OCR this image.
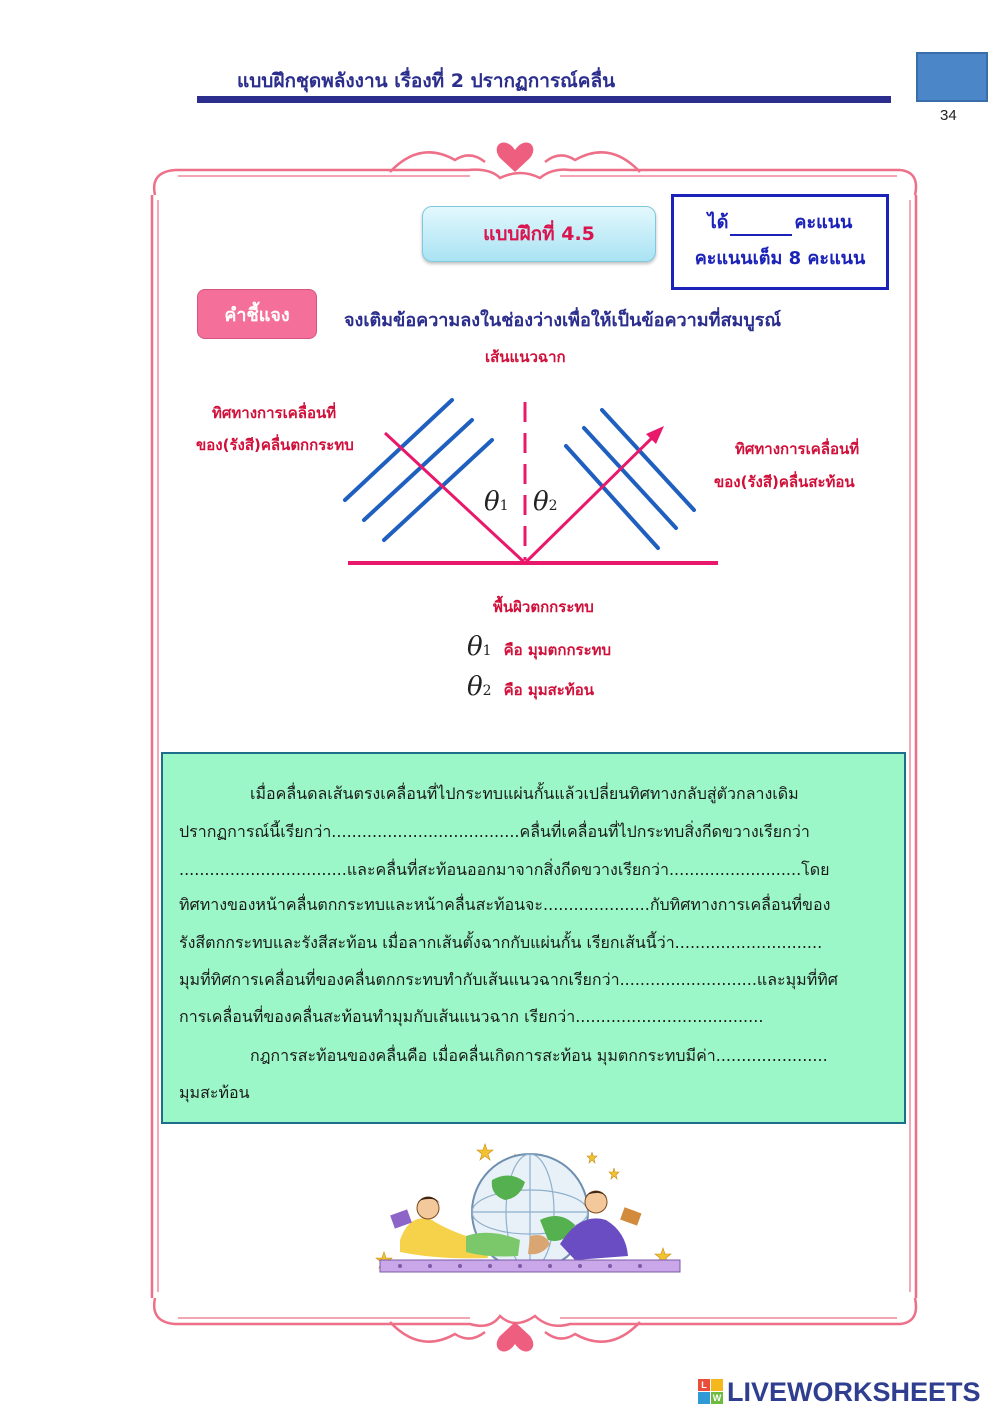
แบบฝึกชุดพลังงาน เรื่องที่ 2 ปรากฏการณ์คลื่น
34
แบบฝึกที่ 4.5
ได้	คะแนน
คะแนนเต็ม 8 คะแนน
คำชี้แจง	จงเติมข้อความลงในช่องว่างเพื่อให้เป็นข้อความที่สมบูรณ์
เส้นแนวฉาก
ทิศทางการเคลื่อนที่
ของ(รังสี)คลื่นตกกระทบ	ทิศทางการเคลื่อนที่
ของ(รังสี)คลื่นสะท้อน
พื้นผิวตกกระทบ
θ1 θ2
θ1 คือ มุมตกกระทบ
θ2 คือ มุมสะท้อน
เมื่อคลื่นดลเส้นตรงเคลื่อนที่ไปกระทบแผ่นกั้นแล้วเปลี่ยนทิศทางกลับสู่ตัวกลางเดิม
ปรากฏการณ์นี้เรียกว่า.....................................คลื่นที่เคลื่อนที่ไปกระทบสิ่งกีดขวางเรียกว่า
.................................และคลื่นที่สะท้อนออกมาจากสิ่งกีดขวางเรียกว่า..........................โดย
ทิศทางของหน้าคลื่นตกกระทบและหน้าคลื่นสะท้อนจะ.....................กับทิศทางการเคลื่อนที่ของ
รังสีตกกระทบและรังสีสะท้อน เมื่อลากเส้นตั้งฉากกับแผ่นกั้น เรียกเส้นนี้ว่า.............................
มุมที่ทิศการเคลื่อนที่ของคลื่นตกกระทบทำกับเส้นแนวฉากเรียกว่า...........................และมุมที่ทิศ
การเคลื่อนที่ของคลื่นสะท้อนทำมุมกับเส้นแนวฉาก เรียกว่า.....................................
กฎการสะท้อนของคลื่นคือ เมื่อคลื่นเกิดการสะท้อน มุมตกกระทบมีค่า......................
มุมสะท้อน
L
W LIVEWORKSHEETS
